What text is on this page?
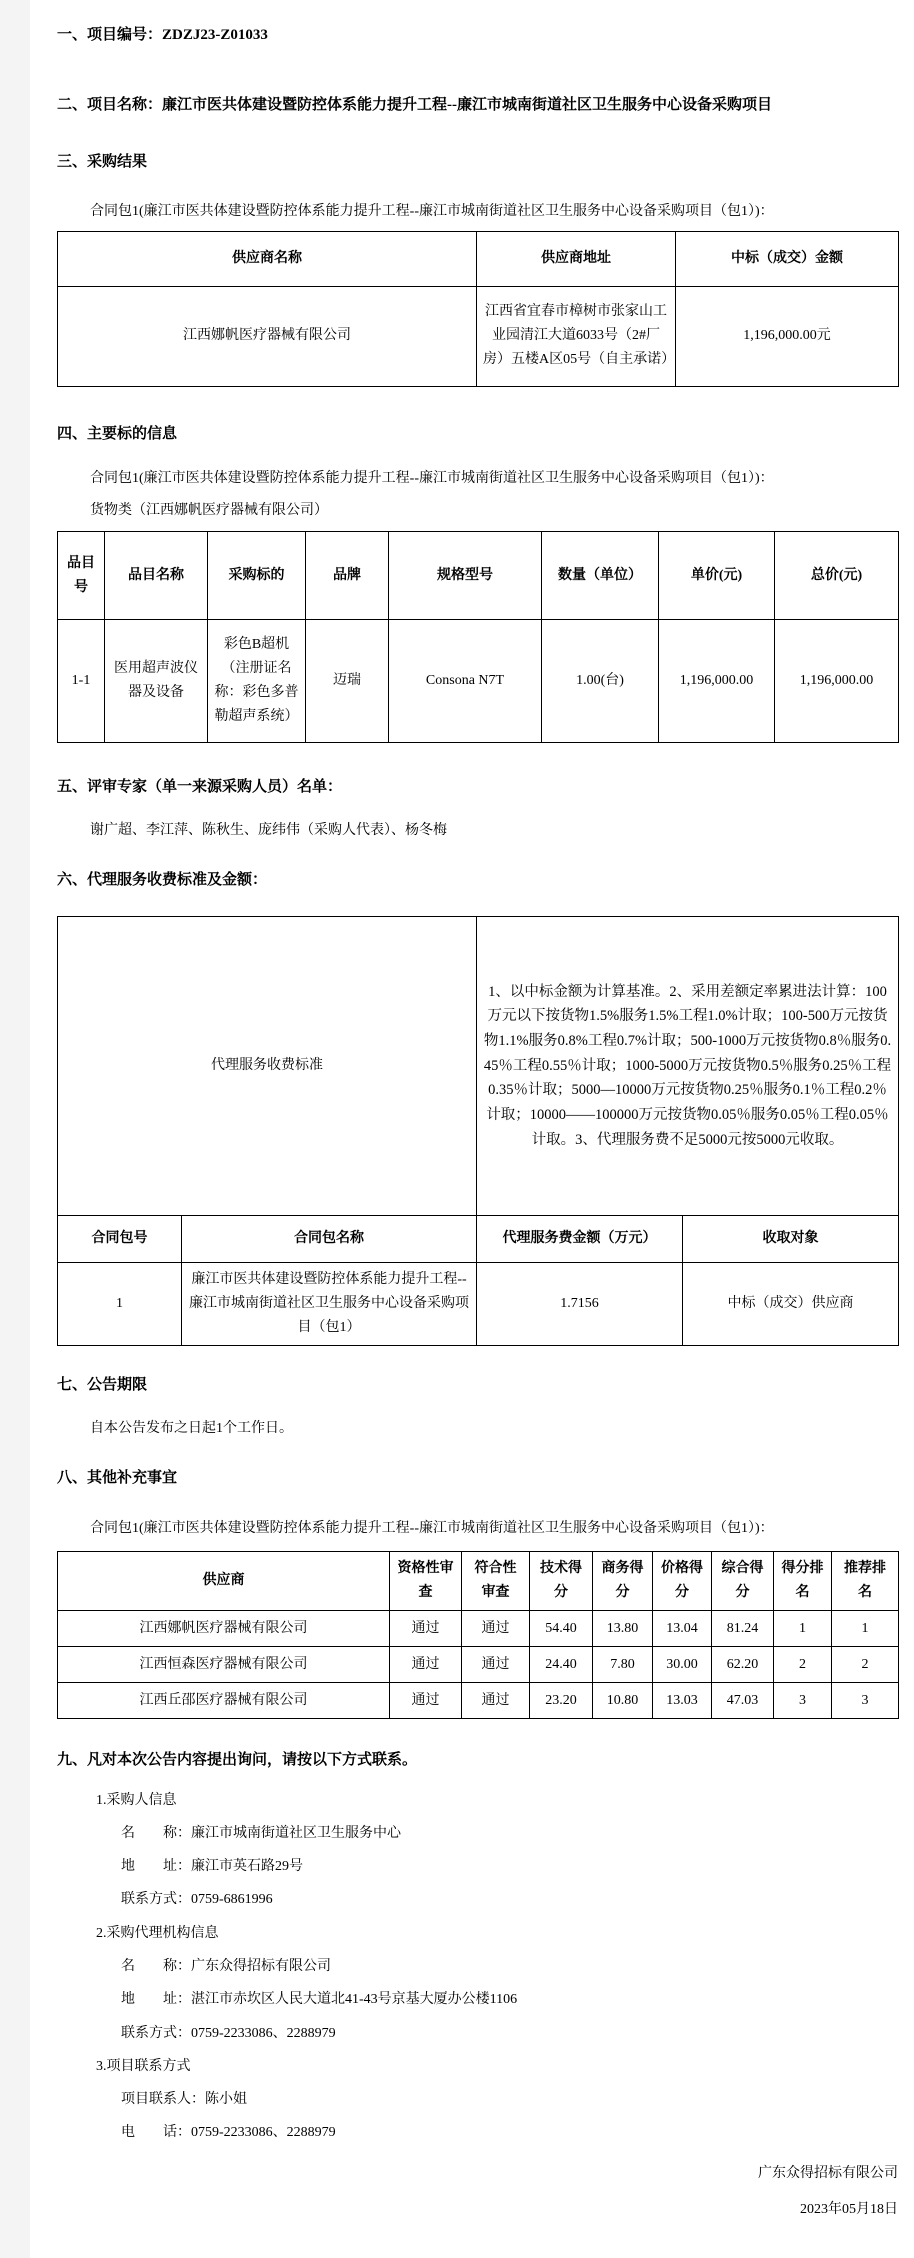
一、项目编号：ZDZJ23-Z01033
二、项目名称：廉江市医共体建设暨防控体系能力提升工程--廉江市城南街道社区卫生服务中心设备采购项目
三、采购结果
合同包1(廉江市医共体建设暨防控体系能力提升工程--廉江市城南街道社区卫生服务中心设备采购项目（包1）)：
供应商名称	供应商地址	中标（成交）金额
江西娜帆医疗器械有限公司	江西省宜春市樟树市张家山工业园清江大道6033号（2#厂房）五楼A区05号（自主承诺）	1,196,000.00元
四、主要标的信息
合同包1(廉江市医共体建设暨防控体系能力提升工程--廉江市城南街道社区卫生服务中心设备采购项目（包1）)：
货物类（江西娜帆医疗器械有限公司）
品目号	品目名称	采购标的	品牌	规格型号	数量（单位）	单价(元)	总价(元)
1-1	医用超声波仪器及设备	彩色B超机（注册证名称：彩色多普勒超声系统）	迈瑞	Consona N7T	1.00(台)	1,196,000.00	1,196,000.00
五、评审专家（单一来源采购人员）名单：
谢广超、李江萍、陈秋生、庞纬伟（采购人代表）、杨冬梅
六、代理服务收费标准及金额：
代理服务收费标准		1、以中标金额为计算基准。2、采用差额定率累进法计算：100万元以下按货物1.5%服务1.5%工程1.0%计取；100-500万元按货物1.1%服务0.8%工程0.7%计取；500-1000万元按货物0.8％服务0.45％工程0.55％计取；1000-5000万元按货物0.5％服务0.25％工程0.35％计取；5000—10000万元按货物0.25％服务0.1％工程0.2％计取；10000——100000万元按货物0.05％服务0.05％工程0.05％计取。3、代理服务费不足5000元按5000元收取。	
合同包号	合同包名称	代理服务费金额（万元）	收取对象
1	廉江市医共体建设暨防控体系能力提升工程--廉江市城南街道社区卫生服务中心设备采购项目（包1）	1.7156	中标（成交）供应商
七、公告期限
自本公告发布之日起1个工作日。
八、其他补充事宜
合同包1(廉江市医共体建设暨防控体系能力提升工程--廉江市城南街道社区卫生服务中心设备采购项目（包1）)：
供应商	资格性审查	符合性审查	技术得分	商务得分	价格得分	综合得分	得分排名	推荐排名
江西娜帆医疗器械有限公司	通过	通过	54.40	13.80	13.04	81.24	1	1
江西恒森医疗器械有限公司	通过	通过	24.40	7.80	30.00	62.20	2	2
江西丘邵医疗器械有限公司	通过	通过	23.20	10.80	13.03	47.03	3	3
九、凡对本次公告内容提出询问，请按以下方式联系。
1.采购人信息
名　　称：廉江市城南街道社区卫生服务中心
地　　址：廉江市英石路29号
联系方式：0759-6861996
2.采购代理机构信息
名　　称：广东众得招标有限公司
地　　址：湛江市赤坎区人民大道北41-43号京基大厦办公楼1106
联系方式：0759-2233086、2288979
3.项目联系方式
项目联系人：陈小姐
电　　话：0759-2233086、2288979
广东众得招标有限公司
2023年05月18日
